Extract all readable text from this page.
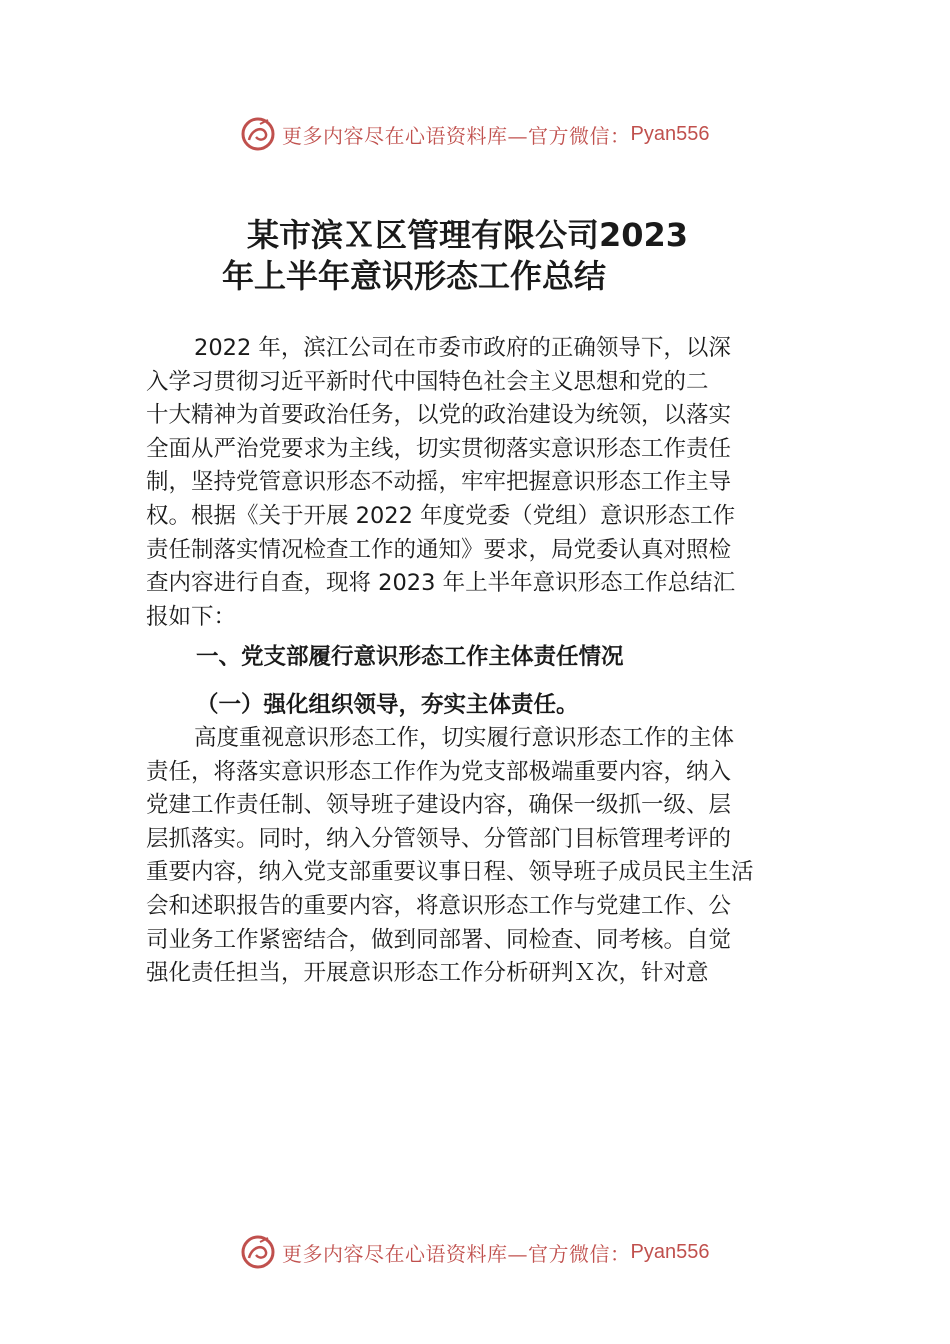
更多内容尽在心语资料库—官方微信： Pyan556
某市滨Ｘ区管理有限公司2023
年上半年意识形态工作总结
2022 年，滨江公司在市委市政府的正确领导下，以深
入学习贯彻习近平新时代中国特色社会主义思想和党的二
十大精神为首要政治任务，以党的政治建设为统领，以落实
全面从严治党要求为主线，切实贯彻落实意识形态工作责任
制，坚持党管意识形态不动摇，牢牢把握意识形态工作主导
权。根据《关于开展 2022 年度党委（党组）意识形态工作
责任制落实情况检查工作的通知》要求，局党委认真对照检
查内容进行自查，现将 2023 年上半年意识形态工作总结汇
报如下：
一、党支部履行意识形态工作主体责任情况
（一）强化组织领导，夯实主体责任。
高度重视意识形态工作，切实履行意识形态工作的主体
责任，将落实意识形态工作作为党支部极端重要内容，纳入
党建工作责任制、领导班子建设内容，确保一级抓一级、层
层抓落实。同时，纳入分管领导、分管部门目标管理考评的
重要内容，纳入党支部重要议事日程、领导班子成员民主生活
会和述职报告的重要内容，将意识形态工作与党建工作、公
司业务工作紧密结合，做到同部署、同检查、同考核。自觉
强化责任担当，开展意识形态工作分析研判Ｘ次，针对意
更多内容尽在心语资料库—官方微信： Pyan556
